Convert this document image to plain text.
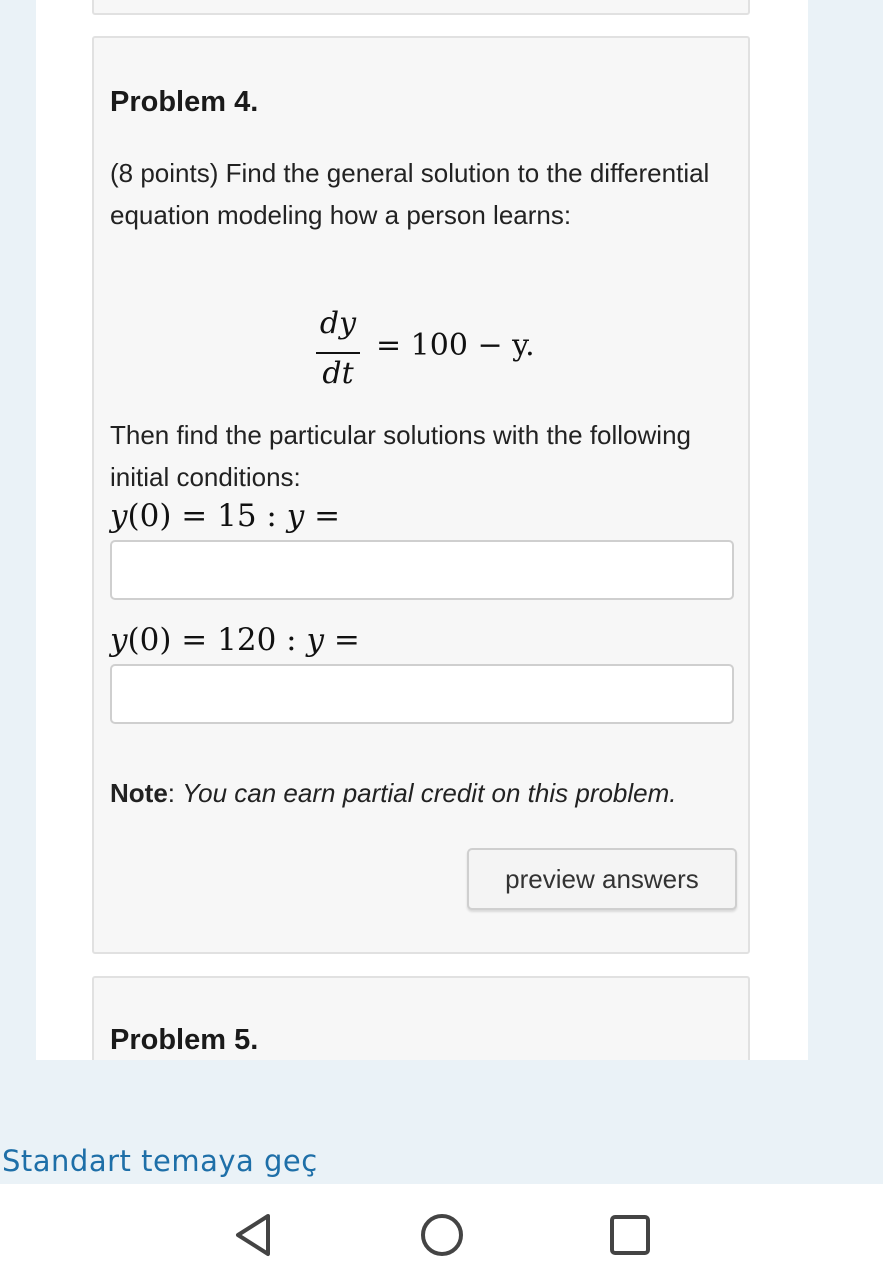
Problem 4.
(8 points) Find the general solution to the differential equation modeling how a person learns:
dy
dt
= 100 − y.
Then find the particular solutions with the following initial conditions:
y(0) = 15 : y =
y(0) = 120 : y =
Note: You can earn partial credit on this problem.
preview answers
Problem 5.
Standart temaya geç
